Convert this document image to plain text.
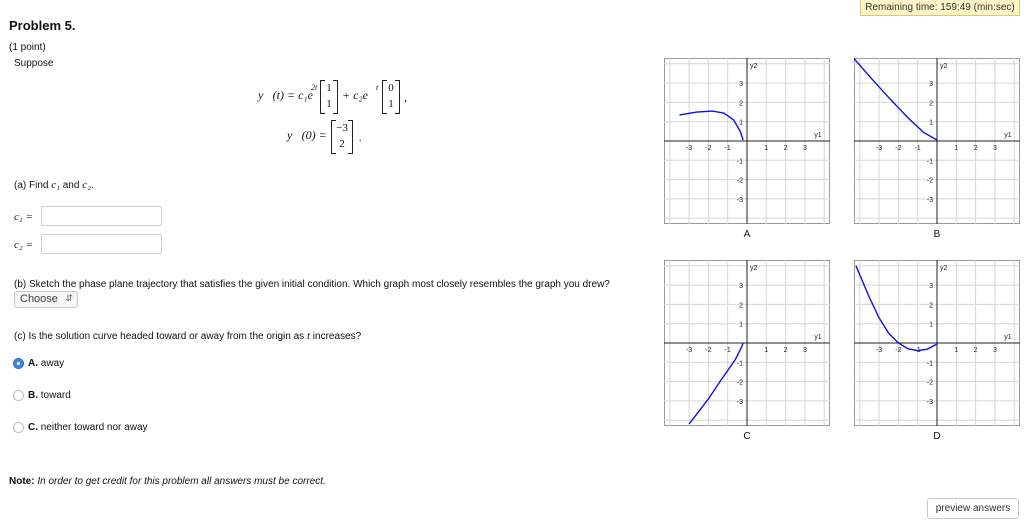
Remaining time: 159:49 (min:sec)
Problem 5.
(1 point)
Suppose
y⃗(t) = c₁e
2t 1
1
+ c₂e
t 0
1 ,
y⃗(0) = −3
2	.
(a) Find c₁ and c₂.
c₁ =
c₂ =
(b) Sketch the phase plane trajectory that satisfies the given initial condition. Which graph most closely resembles the graph you drew?
Choose ⇵
(c) Is the solution curve headed toward or away from the origin as t increases?
A.
away
B.
toward
C.
neither toward nor away
Note: In order to get credit for this problem all answers must be correct.
-3 -2 -1	1 2 3
3
2
1
-1
-2
-3
y1
y2
-3 -2 -1	1 2 3
3
2
1
-1
-2
-3
y1
y2
-3 -2 -1	1 2 3
3
2
1
-1
-2
-3
y1
y2
-3 -2 -1	1 2 3
3
2
1
-1
-2
-3
y1
y2
A	B
C	D
preview answers
